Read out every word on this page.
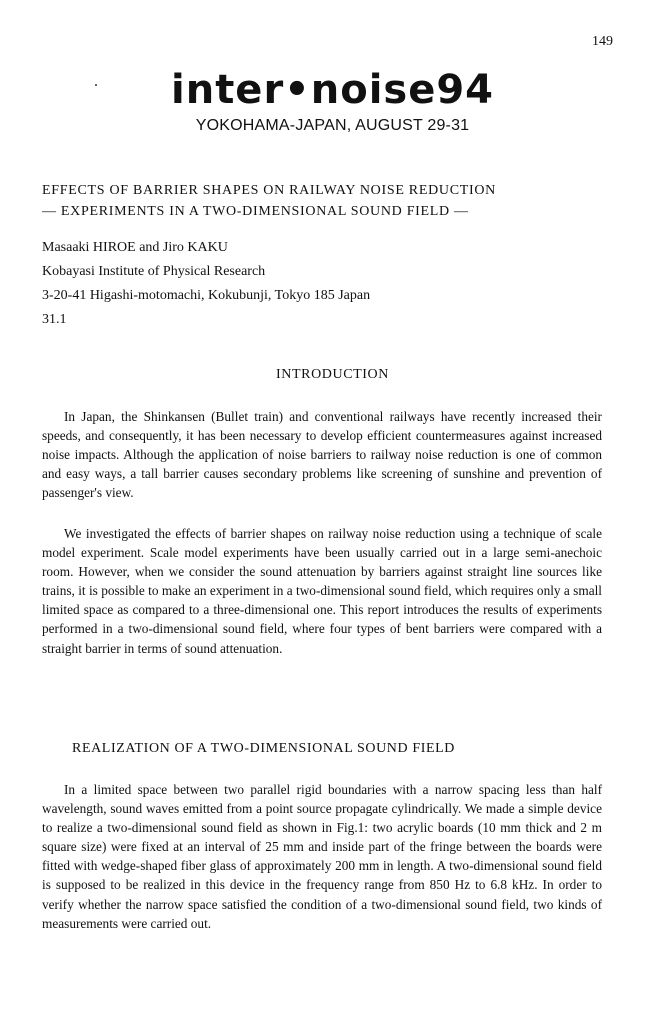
149
inter•noise94
YOKOHAMA-JAPAN, AUGUST 29-31
EFFECTS OF BARRIER SHAPES ON RAILWAY NOISE REDUCTION
— EXPERIMENTS IN A TWO-DIMENSIONAL SOUND FIELD —
Masaaki HIROE and Jiro KAKU
Kobayasi Institute of Physical Research
3-20-41 Higashi-motomachi, Kokubunji, Tokyo 185 Japan
31.1
INTRODUCTION

In Japan, the Shinkansen (Bullet train) and conventional railways have recently increased their speeds, and consequently, it has been necessary to develop efficient countermeasures against increased noise impacts. Although the application of noise barriers to railway noise reduction is one of common and easy ways, a tall barrier causes secondary problems like screening of sunshine and prevention of passenger's view.

We investigated the effects of barrier shapes on railway noise reduction using a technique of scale model experiment. Scale model experiments have been usually carried out in a large semi-anechoic room. However, when we consider the sound attenuation by barriers against straight line sources like trains, it is possible to make an experiment in a two-dimensional sound field, which requires only a small limited space as compared to a three-dimensional one. This report introduces the results of experiments performed in a two-dimensional sound field, where four types of bent barriers were compared with a straight barrier in terms of sound attenuation.

REALIZATION OF A TWO-DIMENSIONAL SOUND FIELD

In a limited space between two parallel rigid boundaries with a narrow spacing less than half wavelength, sound waves emitted from a point source propagate cylindrically. We made a simple device to realize a two-dimensional sound field as shown in Fig.1: two acrylic boards (10 mm thick and 2 m square size) were fixed at an interval of 25 mm and inside part of the fringe between the boards were fitted with wedge-shaped fiber glass of approximately 200 mm in length. A two-dimensional sound field is supposed to be realized in this device in the frequency range from 850 Hz to 6.8 kHz. In order to verify whether the narrow space satisfied the condition of a two-dimensional sound field, two kinds of measurements were carried out.
